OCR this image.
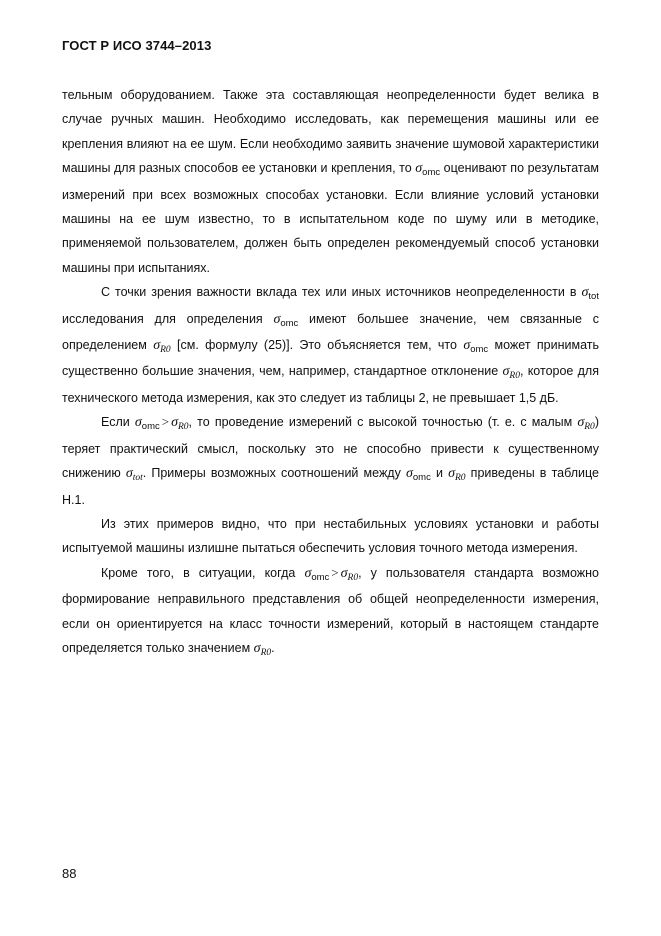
ГОСТ Р ИСО 3744–2013

тельным оборудованием. Также эта составляющая неопределенности будет велика в случае ручных машин. Необходимо исследовать, как перемещения машины или ее крепления влияют на ее шум. Если необходимо заявить значение шумовой характеристики машины для разных способов ее установки и крепления, то $\sigma_{omc}$ оценивают по результатам измерений при всех возможных способах установки. Если влияние условий установки машины на ее шум известно, то в испытательном коде по шуму или в методике, применяемой пользователем, должен быть определен рекомендуемый способ установки машины при испытаниях.

С точки зрения важности вклада тех или иных источников неопределенности в $\sigma_{tot}$ исследования для определения $\sigma_{omc}$ имеют большее значение, чем связанные с определением $\sigma_{R0}$ [см. формулу (25)]. Это объясняется тем, что $\sigma_{omc}$ может принимать существенно большие значения, чем, например, стандартное отклонение $\sigma_{R0}$, которое для технического метода измерения, как это следует из таблицы 2, не превышает 1,5 дБ.

Если $\sigma_{omc} > \sigma_{R0}$, то проведение измерений с высокой точностью (т. е. с малым $\sigma_{R0}$) теряет практический смысл, поскольку это не способно привести к существенному снижению $\sigma_{tot}$. Примеры возможных соотношений между $\sigma_{omc}$ и $\sigma_{R0}$ приведены в таблице Н.1.

Из этих примеров видно, что при нестабильных условиях установки и работы испытуемой машины излишне пытаться обеспечить условия точного метода измерения.

Кроме того, в ситуации, когда $\sigma_{omc} > \sigma_{R0}$, у пользователя стандарта возможно формирование неправильного представления об общей неопределенности измерения, если он ориентируется на класс точности измерений, который в настоящем стандарте определяется только значением $\sigma_{R0}$.

88
